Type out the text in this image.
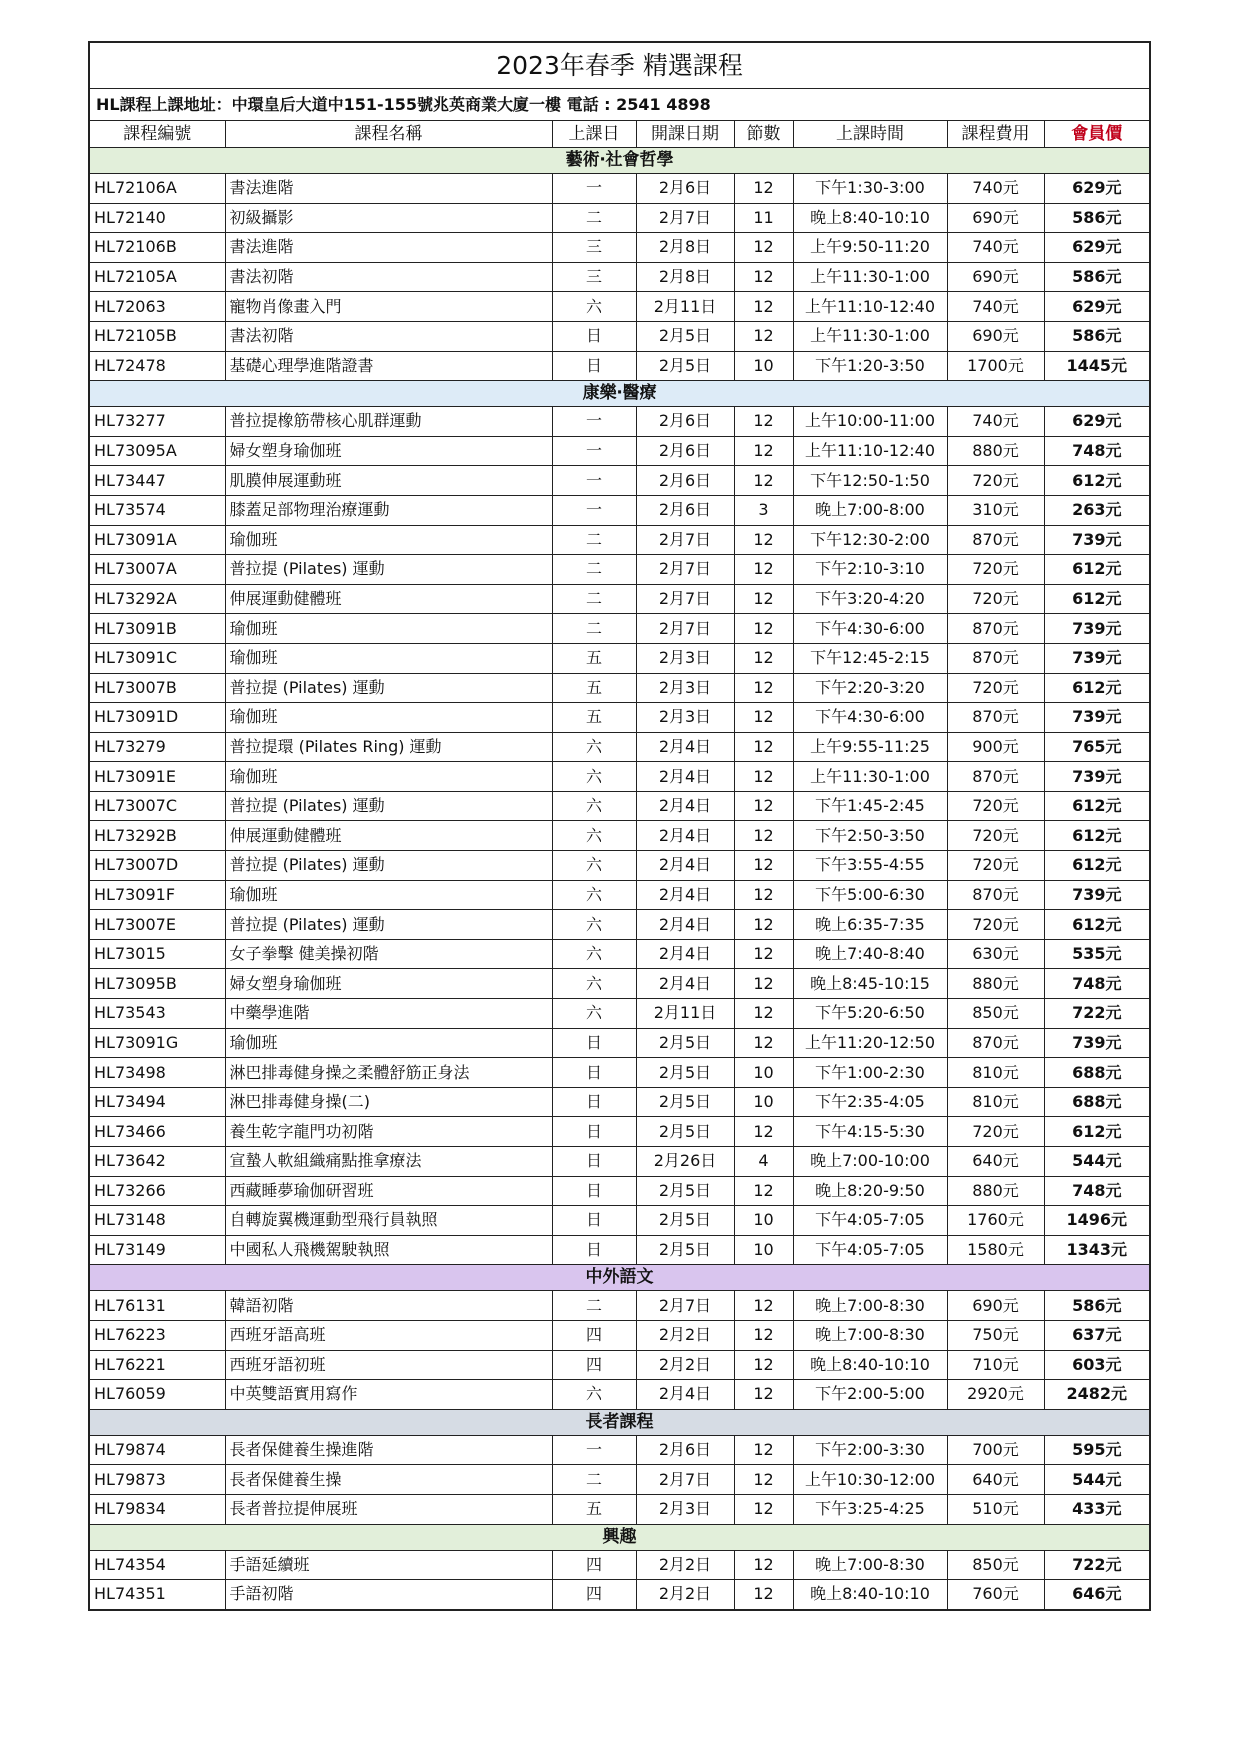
2023年春季 精選課程							
HL課程上課地址：中環皇后大道中151-155號兆英商業大廈一樓 電話 : 2541 4898							
課程編號	課程名稱	上課日	開課日期	節數	上課時間	課程費用	會員價
藝術‧社會哲學							
HL72106A	書法進階	一	2月6日	12	下午1:30-3:00	740元	629元
HL72140	初級攝影	二	2月7日	11	晚上8:40-10:10	690元	586元
HL72106B	書法進階	三	2月8日	12	上午9:50-11:20	740元	629元
HL72105A	書法初階	三	2月8日	12	上午11:30-1:00	690元	586元
HL72063	寵物肖像畫入門	六	2月11日	12	上午11:10-12:40	740元	629元
HL72105B	書法初階	日	2月5日	12	上午11:30-1:00	690元	586元
HL72478	基礎心理學進階證書	日	2月5日	10	下午1:20-3:50	1700元	1445元
康樂‧醫療							
HL73277	普拉提橡筋帶核心肌群運動	一	2月6日	12	上午10:00-11:00	740元	629元
HL73095A	婦女塑身瑜伽班	一	2月6日	12	上午11:10-12:40	880元	748元
HL73447	肌膜伸展運動班	一	2月6日	12	下午12:50-1:50	720元	612元
HL73574	膝蓋足部物理治療運動	一	2月6日	3	晚上7:00-8:00	310元	263元
HL73091A	瑜伽班	二	2月7日	12	下午12:30-2:00	870元	739元
HL73007A	普拉提 (Pilates) 運動	二	2月7日	12	下午2:10-3:10	720元	612元
HL73292A	伸展運動健體班	二	2月7日	12	下午3:20-4:20	720元	612元
HL73091B	瑜伽班	二	2月7日	12	下午4:30-6:00	870元	739元
HL73091C	瑜伽班	五	2月3日	12	下午12:45-2:15	870元	739元
HL73007B	普拉提 (Pilates) 運動	五	2月3日	12	下午2:20-3:20	720元	612元
HL73091D	瑜伽班	五	2月3日	12	下午4:30-6:00	870元	739元
HL73279	普拉提環 (Pilates Ring) 運動	六	2月4日	12	上午9:55-11:25	900元	765元
HL73091E	瑜伽班	六	2月4日	12	上午11:30-1:00	870元	739元
HL73007C	普拉提 (Pilates) 運動	六	2月4日	12	下午1:45-2:45	720元	612元
HL73292B	伸展運動健體班	六	2月4日	12	下午2:50-3:50	720元	612元
HL73007D	普拉提 (Pilates) 運動	六	2月4日	12	下午3:55-4:55	720元	612元
HL73091F	瑜伽班	六	2月4日	12	下午5:00-6:30	870元	739元
HL73007E	普拉提 (Pilates) 運動	六	2月4日	12	晚上6:35-7:35	720元	612元
HL73015	女子拳擊 健美操初階	六	2月4日	12	晚上7:40-8:40	630元	535元
HL73095B	婦女塑身瑜伽班	六	2月4日	12	晚上8:45-10:15	880元	748元
HL73543	中藥學進階	六	2月11日	12	下午5:20-6:50	850元	722元
HL73091G	瑜伽班	日	2月5日	12	上午11:20-12:50	870元	739元
HL73498	淋巴排毒健身操之柔體舒筋正身法	日	2月5日	10	下午1:00-2:30	810元	688元
HL73494	淋巴排毒健身操(二)	日	2月5日	10	下午2:35-4:05	810元	688元
HL73466	養生乾字龍門功初階	日	2月5日	12	下午4:15-5:30	720元	612元
HL73642	宣蟄人軟組織痛點推拿療法	日	2月26日	4	晚上7:00-10:00	640元	544元
HL73266	西藏睡夢瑜伽研習班	日	2月5日	12	晚上8:20-9:50	880元	748元
HL73148	自轉旋翼機運動型飛行員執照	日	2月5日	10	下午4:05-7:05	1760元	1496元
HL73149	中國私人飛機駕駛執照	日	2月5日	10	下午4:05-7:05	1580元	1343元
中外語文							
HL76131	韓語初階	二	2月7日	12	晚上7:00-8:30	690元	586元
HL76223	西班牙語高班	四	2月2日	12	晚上7:00-8:30	750元	637元
HL76221	西班牙語初班	四	2月2日	12	晚上8:40-10:10	710元	603元
HL76059	中英雙語實用寫作	六	2月4日	12	下午2:00-5:00	2920元	2482元
長者課程							
HL79874	長者保健養生操進階	一	2月6日	12	下午2:00-3:30	700元	595元
HL79873	長者保健養生操	二	2月7日	12	上午10:30-12:00	640元	544元
HL79834	長者普拉提伸展班	五	2月3日	12	下午3:25-4:25	510元	433元
興趣							
HL74354	手語延續班	四	2月2日	12	晚上7:00-8:30	850元	722元
HL74351	手語初階	四	2月2日	12	晚上8:40-10:10	760元	646元
